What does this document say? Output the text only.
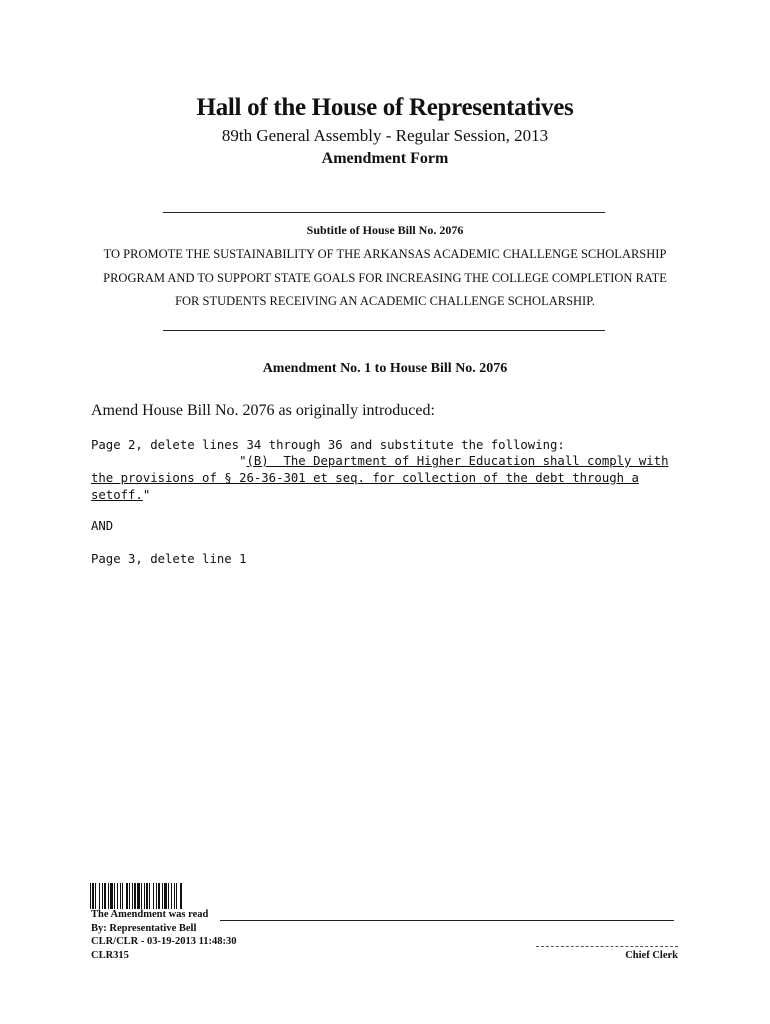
Hall of the House of Representatives
89th General Assembly - Regular Session, 2013
Amendment Form
Subtitle of House Bill No. 2076
TO PROMOTE THE SUSTAINABILITY OF THE ARKANSAS ACADEMIC CHALLENGE SCHOLARSHIP
PROGRAM AND TO SUPPORT STATE GOALS FOR INCREASING THE COLLEGE COMPLETION RATE
FOR STUDENTS RECEIVING AN ACADEMIC CHALLENGE SCHOLARSHIP.
Amendment No. 1 to House Bill No. 2076
Amend House Bill No. 2076 as originally introduced:
Page 2, delete lines 34 through 36 and substitute the following:
"(B)  The Department of Higher Education shall comply with
the provisions of § 26-36-301 et seq. for collection of the debt through a
setoff."
AND
Page 3, delete line 1
The Amendment was read
By: Representative Bell
CLR/CLR - 03-19-2013 11:48:30
CLR315	Chief Clerk
